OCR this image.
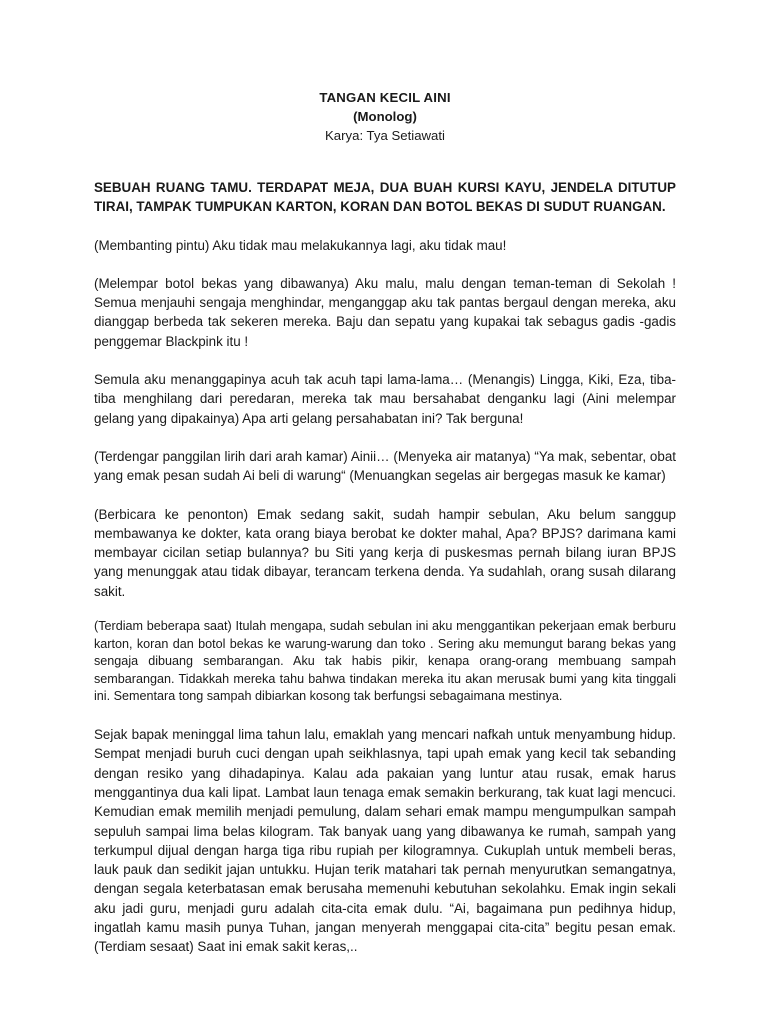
TANGAN KECIL AINI
(Monolog)
Karya: Tya Setiawati

SEBUAH RUANG TAMU. TERDAPAT MEJA, DUA BUAH KURSI KAYU, JENDELA DITUTUP TIRAI, TAMPAK TUMPUKAN KARTON, KORAN DAN BOTOL BEKAS DI SUDUT RUANGAN.

(Membanting pintu) Aku tidak mau melakukannya lagi, aku tidak mau!

(Melempar botol bekas yang dibawanya) Aku malu, malu dengan teman-teman di Sekolah ! Semua menjauhi sengaja menghindar, menganggap aku tak pantas bergaul dengan mereka, aku dianggap berbeda tak sekeren mereka. Baju dan sepatu yang kupakai tak sebagus gadis -gadis penggemar Blackpink itu !

Semula aku menanggapinya acuh tak acuh tapi lama-lama… (Menangis) Lingga, Kiki, Eza, tiba-tiba menghilang dari peredaran, mereka tak mau bersahabat denganku lagi (Aini melempar gelang yang dipakainya) Apa arti gelang persahabatan ini? Tak berguna!

(Terdengar panggilan lirih dari arah kamar) Ainii… (Menyeka air matanya) “Ya mak, sebentar, obat yang emak pesan sudah Ai beli di warung“ (Menuangkan segelas air bergegas masuk ke kamar)

(Berbicara ke penonton) Emak sedang sakit, sudah hampir sebulan, Aku belum sanggup membawanya ke dokter, kata orang biaya berobat ke dokter mahal, Apa? BPJS? darimana kami membayar cicilan setiap bulannya? bu Siti yang kerja di puskesmas pernah bilang iuran BPJS yang menunggak atau tidak dibayar, terancam terkena denda. Ya sudahlah, orang susah dilarang sakit.

(Terdiam beberapa saat) Itulah mengapa, sudah sebulan ini aku menggantikan pekerjaan emak berburu karton, koran dan botol bekas ke warung-warung dan toko . Sering aku memungut barang bekas yang sengaja dibuang sembarangan. Aku tak habis pikir, kenapa orang-orang membuang sampah sembarangan. Tidakkah mereka tahu bahwa tindakan mereka itu akan merusak bumi yang kita tinggali ini. Sementara tong sampah dibiarkan kosong tak berfungsi sebagaimana mestinya.

Sejak bapak meninggal lima tahun lalu, emaklah yang mencari nafkah untuk menyambung hidup. Sempat menjadi buruh cuci dengan upah seikhlasnya, tapi upah emak yang kecil tak sebanding dengan resiko yang dihadapinya. Kalau ada pakaian yang luntur atau rusak, emak harus menggantinya dua kali lipat. Lambat laun tenaga emak semakin berkurang, tak kuat lagi mencuci. Kemudian emak memilih menjadi pemulung, dalam sehari emak mampu mengumpulkan sampah sepuluh sampai lima belas kilogram. Tak banyak uang yang dibawanya ke rumah, sampah yang terkumpul dijual dengan harga tiga ribu rupiah per kilogramnya. Cukuplah untuk membeli beras, lauk pauk dan sedikit jajan untukku. Hujan terik matahari tak pernah menyurutkan semangatnya, dengan segala keterbatasan emak berusaha memenuhi kebutuhan sekolahku. Emak ingin sekali aku jadi guru, menjadi guru adalah cita-cita emak dulu. “Ai, bagaimana pun pedihnya hidup, ingatlah kamu masih punya Tuhan, jangan menyerah menggapai cita-cita” begitu pesan emak. (Terdiam sesaat) Saat ini emak sakit keras,..
